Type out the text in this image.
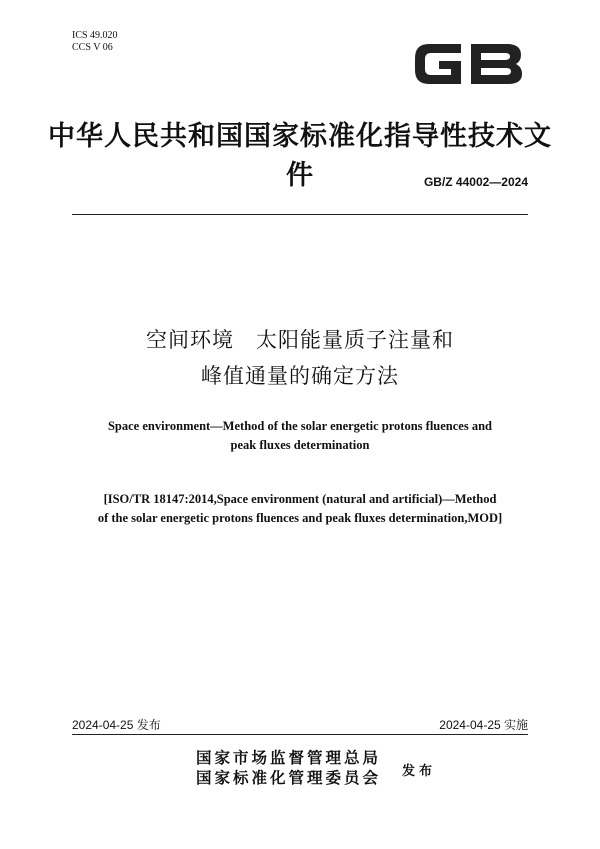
ICS 49.020
CCS V 06
中华人民共和国国家标准化指导性技术文件	GB/Z 44002—2024
空间环境　太阳能量质子注量和
峰值通量的确定方法
Space environment—Method of the solar energetic protons fluences and
peak fluxes determination
[ISO/TR 18147:2014,Space environment (natural and artificial)—Method
of the solar energetic protons fluences and peak fluxes determination,MOD]
2024-04-25 发布	2024-04-25 实施
国家市场监督管理总局
国家标准化管理委员会 发布
